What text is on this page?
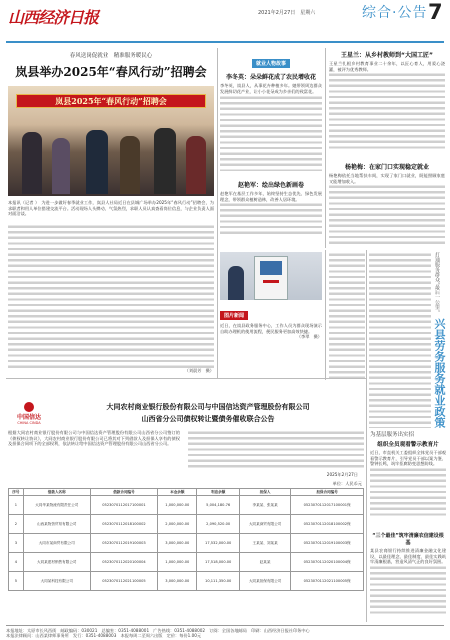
山西经济日报	2021年2月27日　星期六	综合·公告 7
春风送岗促就业　精准服务暖民心
岚县举办2025年“春风行动”招聘会
岚县2025年“春风行动”招聘会
本报讯（记者 ）　为进一步做好春季就业工作，岚县人社局近日在县城广场举办2025年“春风行动”招聘会，为求职者和用人单位搭建交流平台。活动现场人头攒动、气氛热烈，求职人员认真查看岗位信息，与企业负责人面对面洽谈。
（刘晨芳　摄）
就业人物故事
李冬英：朵朵鲜花成了农民增收花
李冬英，岚县人，从事花卉种植多年。她带领周边群众发展鲜切花产业，让小小花朵成为乡亲们的致富花。
赵艳军：绘出绿色新画卷
赵艳军在基层工作多年，始终坚持生态优先、绿色发展理念，带领群众植树造林，改善人居环境。
王星兰：从乡村教师到“大国工匠”
王星兰扎根乡村教育事业二十余年，以匠心育人，用爱心浇灌，被评为优秀教师。
杨艳梅：在家门口实现稳定就业
杨艳梅依托当地帮扶车间，实现了家门口就业，既能照顾家庭又能增加收入。
图片新闻
近日，在岚县政务服务中心，工作人员为群众现场演示自助办理机的使用流程，便民服务更加高效快捷。
（李翠　摄）
打通服务群众“最后一公里”
兴县劳务服务就业政策
为基层服务出实招
组织全员观看警示教育片
近日，市直机关工委组织全体党员干部观看警示教育片，引导党员干部以案为鉴、警钟长鸣，筑牢拒腐防变思想防线。
“三个最佳”筑牢清廉农信建设根基
某县农商银行持续推进清廉金融文化建设，以最佳理念、最佳制度、最佳实践筑牢清廉根基，营造风清气正的良好氛围。
中国信达
CHINA CINDA
大同农村商业银行股份有限公司与中国信达资产管理股份有限公司
山西省分公司债权转让暨债务催收联合公告
根据大同农村商业银行股份有限公司与中国信达资产管理股份有限公司山西省分公司签订的《债权转让协议》，大同农村商业银行股份有限公司已将其对下列借款人及担保人享有的债权及担保合同项下的全部权利，依法转让给中国信达资产管理股份有限公司山西省分公司。
2025年2月27日
单位：人民币元
序号	借款人名称	借款合同编号	本金余额	利息余额	担保人	担保合同编号
1	大同华某物流有限责任公司	0523070112017100001	1,000,000.00	5,004,180.76	李某某、张某某	0523070112017100001保
2	山西某物资贸易有限公司	0523070112018100002	2,000,000.00	2,090,520.00	大同某商贸有限公司	0523070112018100002保
3	大同市某商贸有限公司	0523070112019100003	3,000,000.00	17,532,000.00	王某某、刘某某	0523070112019100003保
4	大同某建材销售有限公司	0523070112020100004	1,000,000.00	17,518,000.00	赵某某	0523070112020100004保
5	大同某科技有限公司	0523070112021100005	3,000,000.00	10,111,350.00	大同某担保有限公司	0523070112021100005保
本报地址：太原市长风西街　邮政编码：030021　总编室：0351-4088001　广告热线：0351-4088002　订阅：全国各地邮局　印刷：山西经济日报社印务中心
本报法律顾问：山西某律师事务所　发行：0351-4088003　本报每周二至周六出版　定价：每份1.00元
